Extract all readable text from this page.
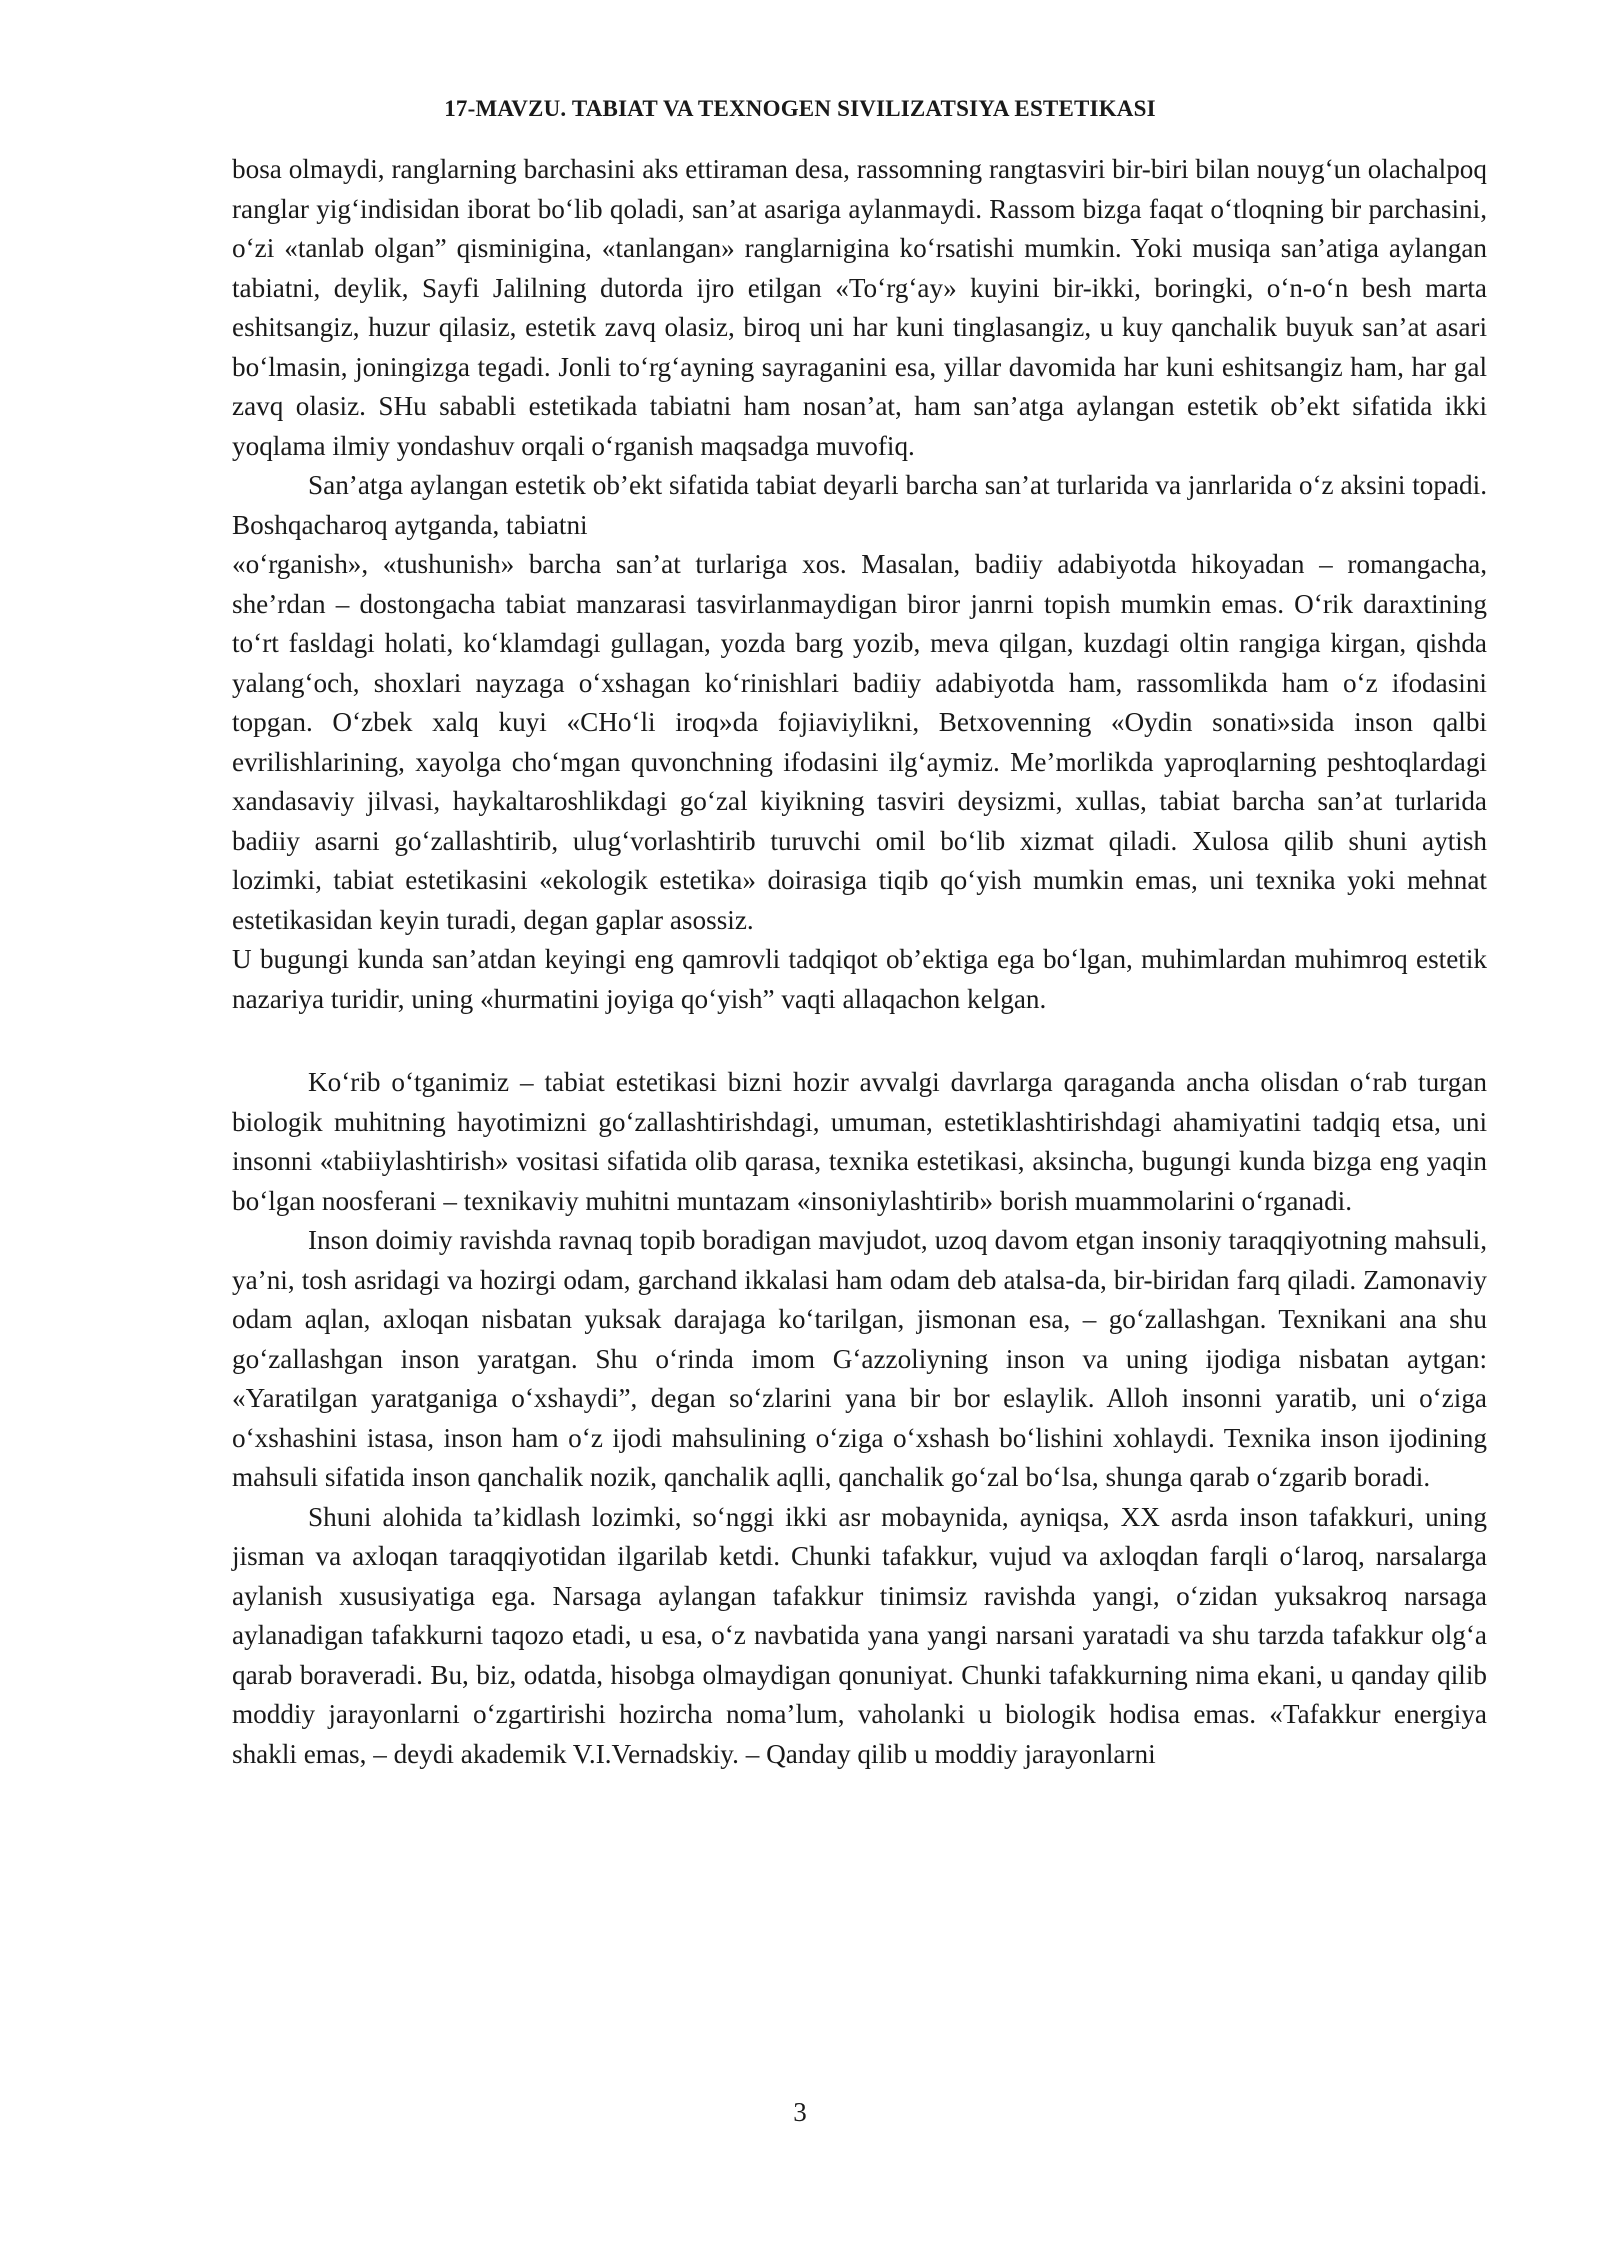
17-MAVZU. TABIAT VA TEXNOGEN SIVILIZATSIYA ESTETIKASI

bosa olmaydi, ranglarning barchasini aks ettiraman desa, rassomning rangtasviri bir-biri bilan nouyg‘un olachalpoq ranglar yig‘indisidan iborat bo‘lib qoladi, san’at asariga aylanmaydi. Rassom bizga faqat o‘tloqning bir parchasini, o‘zi «tanlab olgan” qisminigina, «tanlangan» ranglarnigina ko‘rsatishi mumkin. Yoki musiqa san’atiga aylangan tabiatni, deylik, Sayfi Jalilning dutorda ijro etilgan «To‘rg‘ay» kuyini bir-ikki, boringki, o‘n-o‘n besh marta eshitsangiz, huzur qilasiz, estetik zavq olasiz, biroq uni har kuni tinglasangiz, u kuy qanchalik buyuk san’at asari bo‘lmasin, joningizga tegadi. Jonli to‘rg‘ayning sayraganini esa, yillar davomida har kuni eshitsangiz ham, har gal zavq olasiz. SHu sababli estetikada tabiatni ham nosan’at, ham san’atga aylangan estetik ob’ekt sifatida ikki yoqlama ilmiy yondashuv orqali o‘rganish maqsadga muvofiq.

San’atga aylangan estetik ob’ekt sifatida tabiat deyarli barcha san’at turlarida va janrlarida o‘z aksini topadi. Boshqacharoq aytganda, tabiatni

«o‘rganish», «tushunish» barcha san’at turlariga xos. Masalan, badiiy adabiyotda hikoyadan – romangacha, she’rdan – dostongacha tabiat manzarasi tasvirlanmaydigan biror janrni topish mumkin emas. O‘rik daraxtining to‘rt fasldagi holati, ko‘klamdagi gullagan, yozda barg yozib, meva qilgan, kuzdagi oltin rangiga kirgan, qishda yalang‘och, shoxlari nayzaga o‘xshagan ko‘rinishlari badiiy adabiyotda ham, rassomlikda ham o‘z ifodasini topgan. O‘zbek xalq kuyi «CHo‘li iroq»da fojiaviylikni, Betxovenning «Oydin sonati»sida inson qalbi evrilishlarining, xayolga cho‘mgan quvonchning ifodasini ilg‘aymiz. Me’morlikda yaproqlarning peshtoqlardagi xandasaviy jilvasi, haykaltaroshlikdagi go‘zal kiyikning tasviri deysizmi, xullas, tabiat barcha san’at turlarida badiiy asarni go‘zallashtirib, ulug‘vorlashtirib turuvchi omil bo‘lib xizmat qiladi. Xulosa qilib shuni aytish lozimki, tabiat estetikasini «ekologik estetika» doirasiga tiqib qo‘yish mumkin emas, uni texnika yoki mehnat estetikasidan keyin turadi, degan gaplar asossiz.

U bugungi kunda san’atdan keyingi eng qamrovli tadqiqot ob’ektiga ega bo‘lgan, muhimlardan muhimroq estetik nazariya turidir, uning «hurmatini joyiga qo‘yish” vaqti allaqachon kelgan.

Ko‘rib o‘tganimiz – tabiat estetikasi bizni hozir avvalgi davrlarga qaraganda ancha olisdan o‘rab turgan biologik muhitning hayotimizni go‘zallashtirishdagi, umuman, estetiklashtirishdagi ahamiyatini tadqiq etsa, uni insonni «tabiiylashtirish» vositasi sifatida olib qarasa, texnika estetikasi, aksincha, bugungi kunda bizga eng yaqin bo‘lgan noosferani – texnikaviy muhitni muntazam «insoniylashtirib» borish muammolarini o‘rganadi.

Inson doimiy ravishda ravnaq topib boradigan mavjudot, uzoq davom etgan insoniy taraqqiyotning mahsuli, ya’ni, tosh asridagi va hozirgi odam, garchand ikkalasi ham odam deb atalsa-da, bir-biridan farq qiladi. Zamonaviy odam aqlan, axloqan nisbatan yuksak darajaga ko‘tarilgan, jismonan esa, – go‘zallashgan. Texnikani ana shu go‘zallashgan inson yaratgan. Shu o‘rinda imom G‘azzoliyning inson va uning ijodiga nisbatan aytgan: «Yaratilgan yaratganiga o‘xshaydi”, degan so‘zlarini yana bir bor eslaylik. Alloh insonni yaratib, uni o‘ziga o‘xshashini istasa, inson ham o‘z ijodi mahsulining o‘ziga o‘xshash bo‘lishini xohlaydi. Texnika inson ijodining mahsuli sifatida inson qanchalik nozik, qanchalik aqlli, qanchalik go‘zal bo‘lsa, shunga qarab o‘zgarib boradi.

Shuni alohida ta’kidlash lozimki, so‘nggi ikki asr mobaynida, ayniqsa, XX asrda inson tafakkuri, uning jisman va axloqan taraqqiyotidan ilgarilab ketdi. Chunki tafakkur, vujud va axloqdan farqli o‘laroq, narsalarga aylanish xususiyatiga ega. Narsaga aylangan tafakkur tinimsiz ravishda yangi, o‘zidan yuksakroq narsaga aylanadigan tafakkurni taqozo etadi, u esa, o‘z navbatida yana yangi narsani yaratadi va shu tarzda tafakkur olg‘a qarab boraveradi. Bu, biz, odatda, hisobga olmaydigan qonuniyat. Chunki tafakkurning nima ekani, u qanday qilib moddiy jarayonlarni o‘zgartirishi hozircha noma’lum, vaholanki u biologik hodisa emas. «Tafakkur energiya shakli emas, – deydi akademik V.I.Vernadskiy. – Qanday qilib u moddiy jarayonlarni

3
